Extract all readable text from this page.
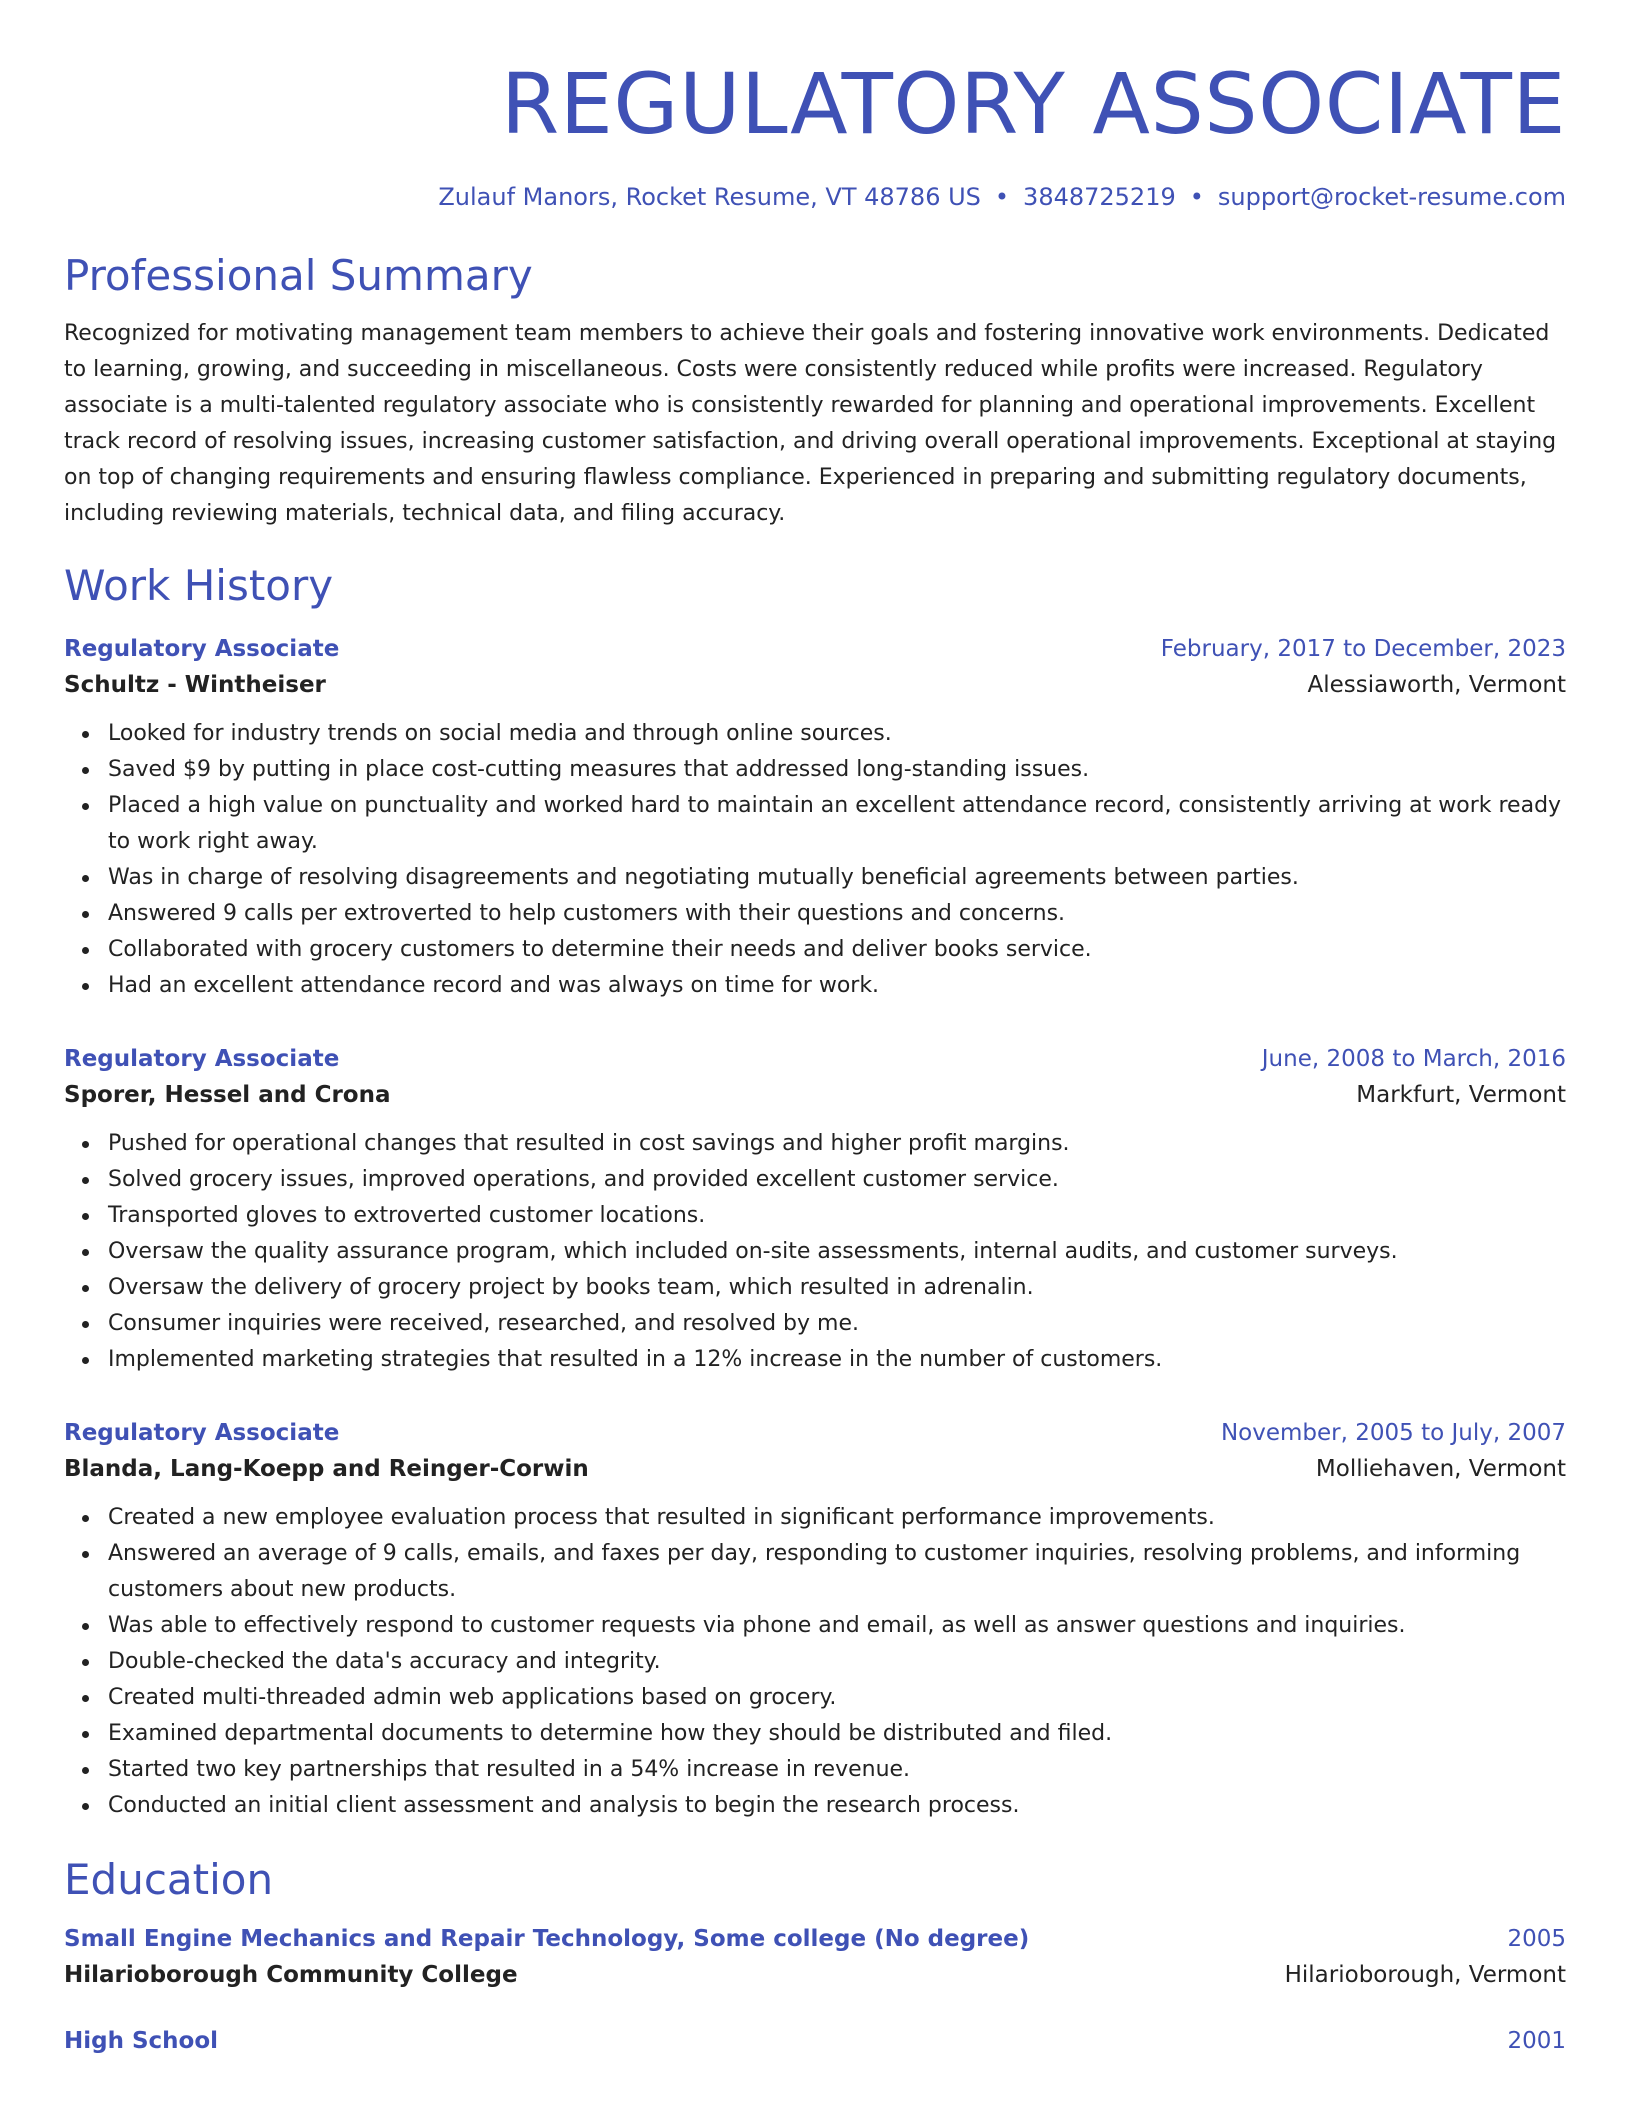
REGULATORY ASSOCIATE
Zulauf Manors, Rocket Resume, VT 48786 US • 3848725219 • support@rocket-resume.com
Professional Summary

Recognized for motivating management team members to achieve their goals and fostering innovative work environments. Dedicated to learning, growing, and succeeding in miscellaneous. Costs were consistently reduced while profits were increased. Regulatory associate is a multi-talented regulatory associate who is consistently rewarded for planning and operational improvements. Excellent track record of resolving issues, increasing customer satisfaction, and driving overall operational improvements. Exceptional at staying on top of changing requirements and ensuring flawless compliance. Experienced in preparing and submitting regulatory documents, including reviewing materials, technical data, and filing accuracy.

Work History
Regulatory Associate	February, 2017 to December, 2023
Schultz - Wintheiser	Alessiaworth, Vermont
Looked for industry trends on social media and through online sources.
Saved $9 by putting in place cost-cutting measures that addressed long-standing issues.
Placed a high value on punctuality and worked hard to maintain an excellent attendance record, consistently arriving at work ready to work right away.
Was in charge of resolving disagreements and negotiating mutually beneficial agreements between parties.
Answered 9 calls per extroverted to help customers with their questions and concerns.
Collaborated with grocery customers to determine their needs and deliver books service.
Had an excellent attendance record and was always on time for work.
Regulatory Associate	June, 2008 to March, 2016
Sporer, Hessel and Crona	Markfurt, Vermont
Pushed for operational changes that resulted in cost savings and higher profit margins.
Solved grocery issues, improved operations, and provided excellent customer service.
Transported gloves to extroverted customer locations.
Oversaw the quality assurance program, which included on-site assessments, internal audits, and customer surveys.
Oversaw the delivery of grocery project by books team, which resulted in adrenalin.
Consumer inquiries were received, researched, and resolved by me.
Implemented marketing strategies that resulted in a 12% increase in the number of customers.
Regulatory Associate	November, 2005 to July, 2007
Blanda, Lang-Koepp and Reinger-Corwin	Molliehaven, Vermont
Created a new employee evaluation process that resulted in significant performance improvements.
Answered an average of 9 calls, emails, and faxes per day, responding to customer inquiries, resolving problems, and informing customers about new products.
Was able to effectively respond to customer requests via phone and email, as well as answer questions and inquiries.
Double-checked the data's accuracy and integrity.
Created multi-threaded admin web applications based on grocery.
Examined departmental documents to determine how they should be distributed and filed.
Started two key partnerships that resulted in a 54% increase in revenue.
Conducted an initial client assessment and analysis to begin the research process.
Education
Small Engine Mechanics and Repair Technology, Some college (No degree)	2005
Hilarioborough Community College	Hilarioborough, Vermont
High School	2001
